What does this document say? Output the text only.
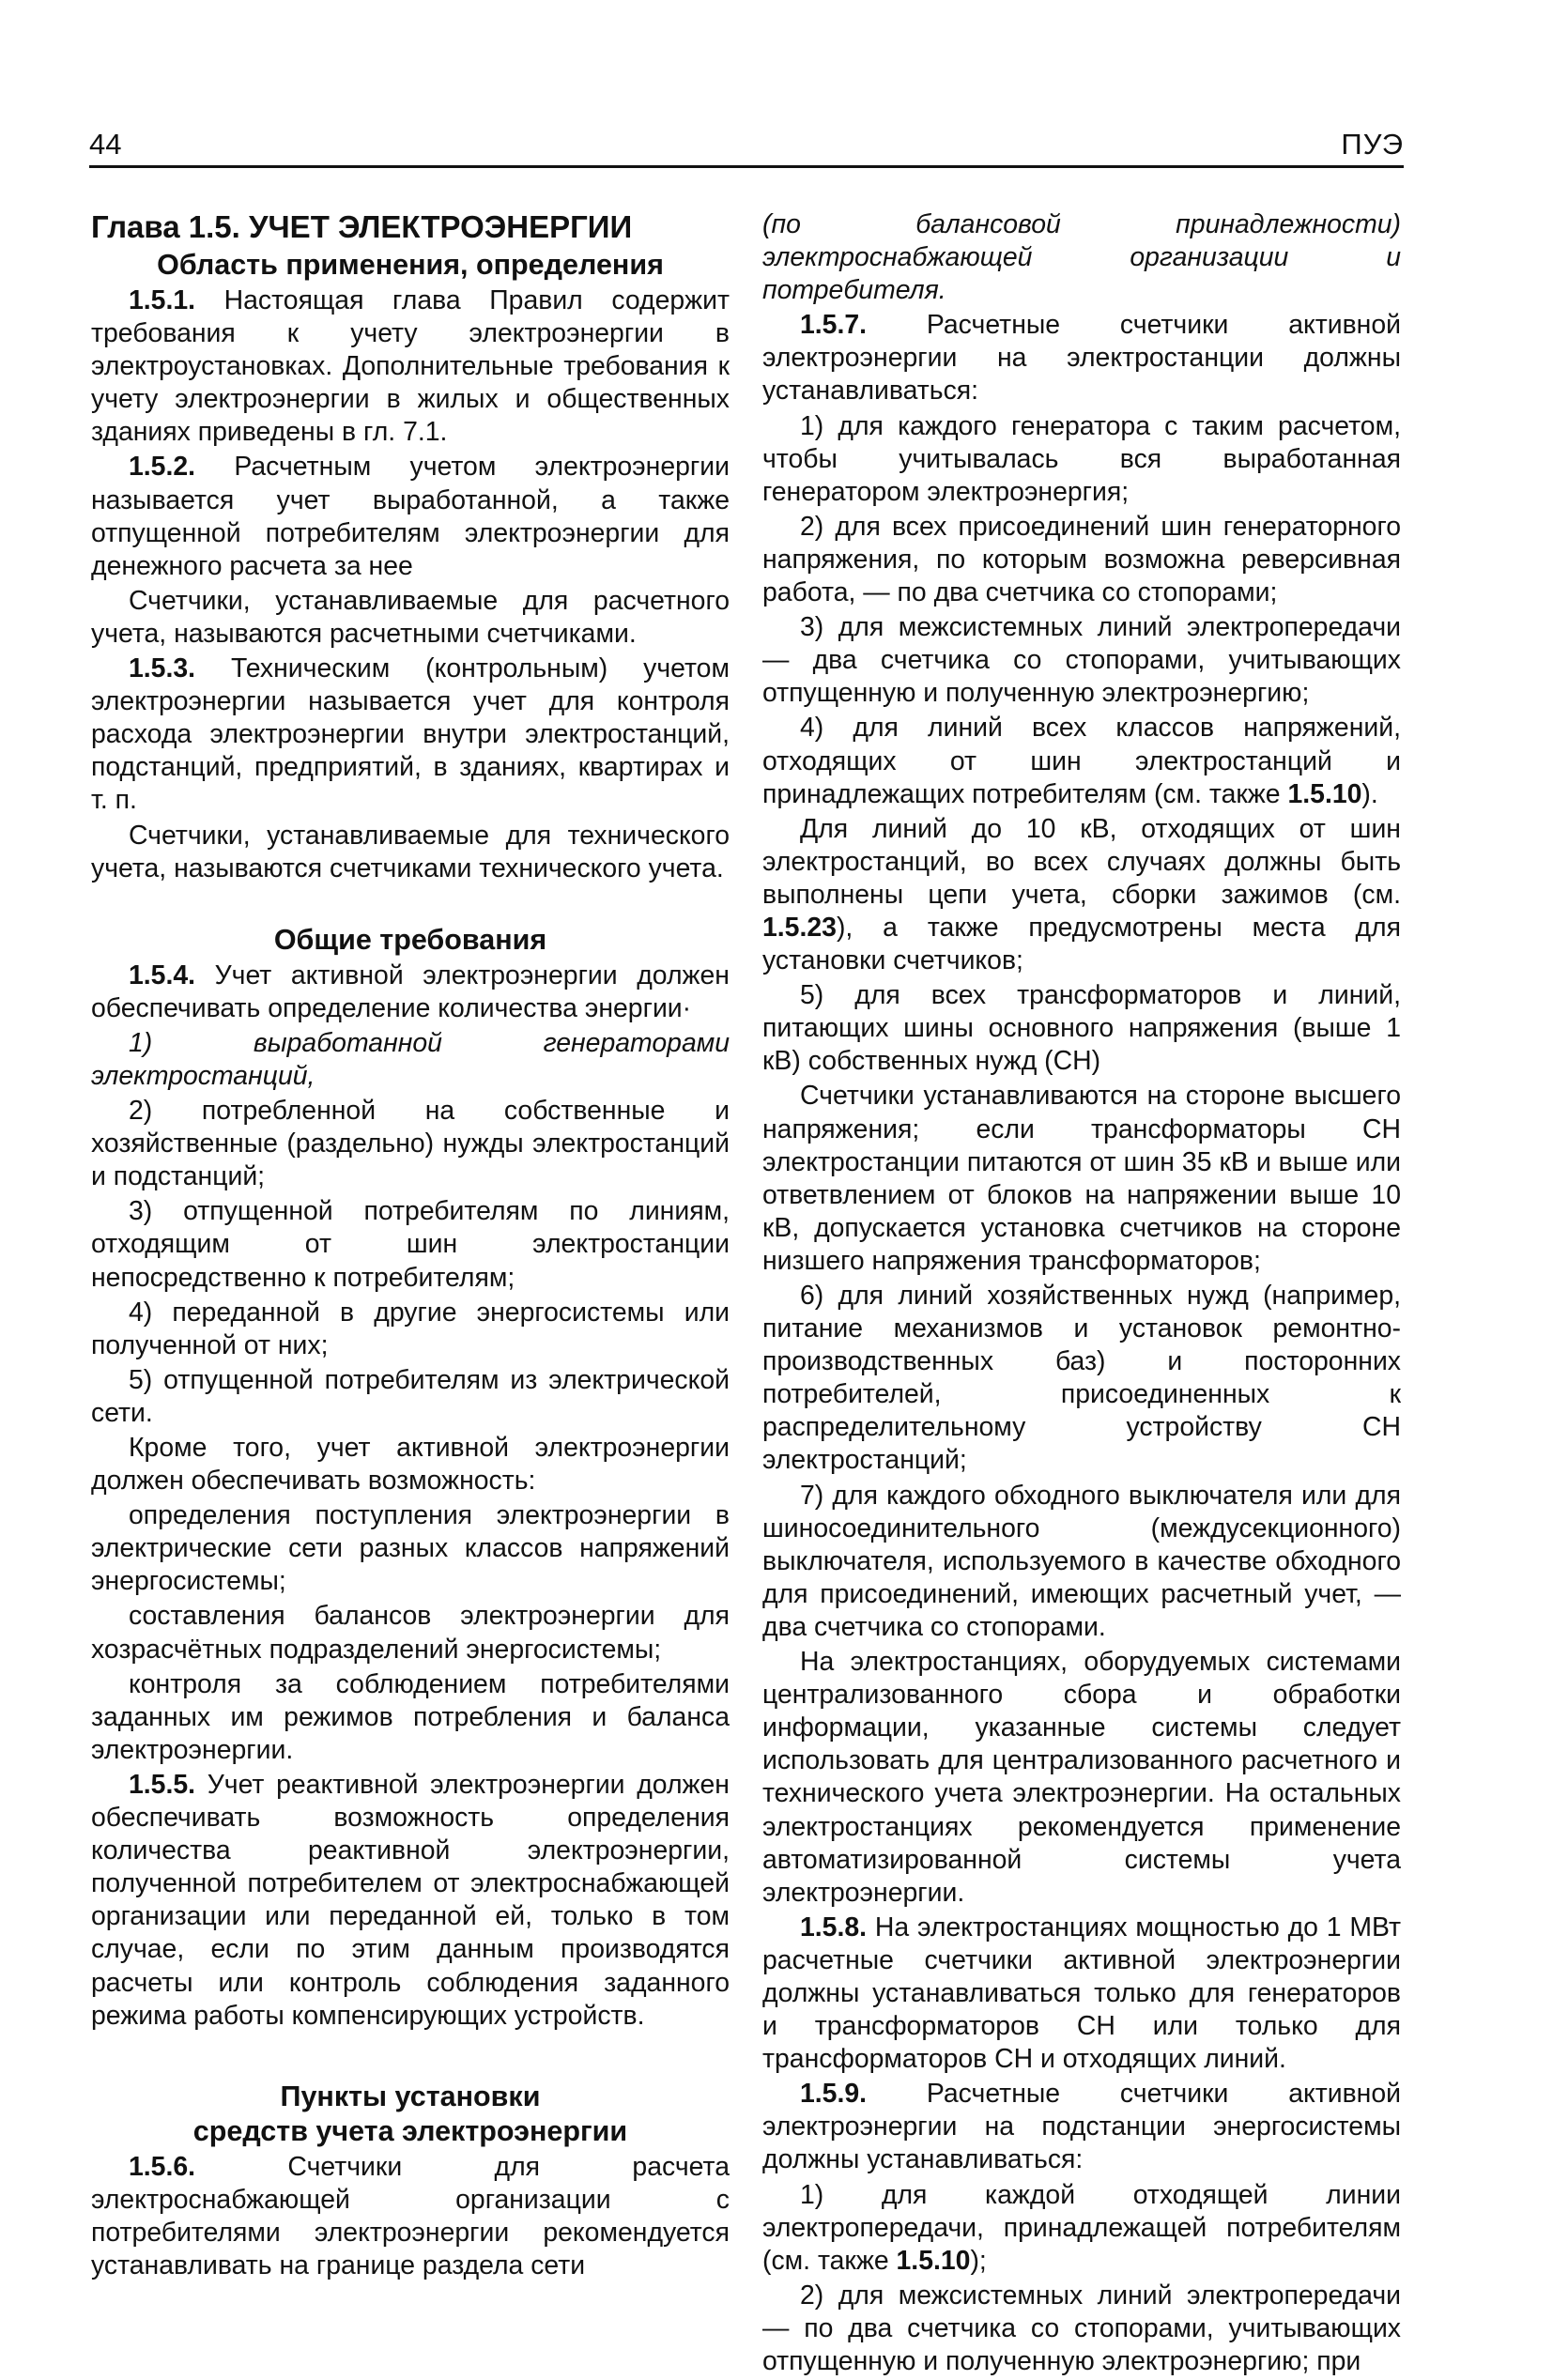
44	ПУЭ

Глава 1.5. УЧЕТ ЭЛЕКТРОЭНЕРГИИ

Область применения, определения

1.5.1. Настоящая глава Правил содержит требования к учету электроэнергии в электроустановках. Дополнительные требования к учету электроэнергии в жилых и общественных зданиях приведены в гл. 7.1.

1.5.2. Расчетным учетом электроэнергии называется учет выработанной, а также отпущенной потребителям электроэнергии для денежного расчета за нее

Счетчики, устанавливаемые для расчетного учета, называются расчетными счетчиками.

1.5.3. Техническим (контрольным) учетом электроэнергии называется учет для контроля расхода электроэнергии внутри электростанций, подстанций, предприятий, в зданиях, квартирах и т. п.

Счетчики, устанавливаемые для технического учета, называются счетчиками технического учета.

Общие требования

1.5.4. Учет активной электроэнергии должен обеспечивать определение количества энергии·

1) выработанной генераторами электростанций,

2) потребленной на собственные и хозяйственные (раздельно) нужды электростанций и подстанций;

3) отпущенной потребителям по линиям, отходящим от шин электростанции непосредственно к потребителям;

4) переданной в другие энергосистемы или полученной от них;

5) отпущенной потребителям из электрической сети.

Кроме того, учет активной электроэнергии должен обеспечивать возможность:

определения поступления электроэнергии в электрические сети разных классов напряжений энергосистемы;

составления балансов электроэнергии для хозрасчётных подразделений энергосистемы;

контроля за соблюдением потребителями заданных им режимов потребления и баланса электроэнергии.

1.5.5. Учет реактивной электроэнергии должен обеспечивать возможность определения количества реактивной электроэнергии, полученной потребителем от электроснабжающей организации или переданной ей, только в том случае, если по этим данным производятся расчеты или контроль соблюдения заданного режима работы компенсирующих устройств.

Пункты установки

средств учета электроэнергии

1.5.6. Счетчики для расчета электроснабжающей организации с потребителями электроэнергии рекомендуется устанавливать на границе раздела сети

(по балансовой принадлежности) электроснабжающей организации и потребителя.

1.5.7. Расчетные счетчики активной электроэнергии на электростанции должны устанавливаться:

1) для каждого генератора с таким расчетом, чтобы учитывалась вся выработанная генератором электроэнергия;

2) для всех присоединений шин генераторного напряжения, по которым возможна реверсивная работа, — по два счетчика со стопорами;

3) для межсистемных линий электропередачи — два счетчика со стопорами, учитывающих отпущенную и полученную электроэнергию;

4) для линий всех классов напряжений, отходящих от шин электростанций и принадлежащих потребителям (см. также 1.5.10).

Для линий до 10 кВ, отходящих от шин электростанций, во всех случаях должны быть выполнены цепи учета, сборки зажимов (см. 1.5.23), а также предусмотрены места для установки счетчиков;

5) для всех трансформаторов и линий, питающих шины основного напряжения (выше 1 кВ) собственных нужд (СН)

Счетчики устанавливаются на стороне высшего напряжения; если трансформаторы СН электростанции питаются от шин 35 кВ и выше или ответвлением от блоков на напряжении выше 10 кВ, допускается установка счетчиков на стороне низшего напряжения трансформаторов;

6) для линий хозяйственных нужд (например, питание механизмов и установок ремонтно-производственных баз) и посторонних потребителей, присоединенных к распределительному устройству СН электростанций;

7) для каждого обходного выключателя или для шиносоединительного (междусекционного) выключателя, используемого в качестве обходного для присоединений, имеющих расчетный учет, — два счетчика со стопорами.

На электростанциях, оборудуемых системами централизованного сбора и обработки информации, указанные системы следует использовать для централизованного расчетного и технического учета электроэнергии. На остальных электростанциях рекомендуется применение автоматизированной системы учета электроэнергии.

1.5.8. На электростанциях мощностью до 1 МВт расчетные счетчики активной электроэнергии должны устанавливаться только для генераторов и трансформаторов СН или только для трансформаторов СН и отходящих линий.

1.5.9. Расчетные счетчики активной электроэнергии на подстанции энергосистемы должны устанавливаться:

1) для каждой отходящей линии электропередачи, принадлежащей потребителям (см. также 1.5.10);

2) для межсистемных линий электропередачи — по два счетчика со стопорами, учитывающих отпущенную и полученную электроэнергию; при
